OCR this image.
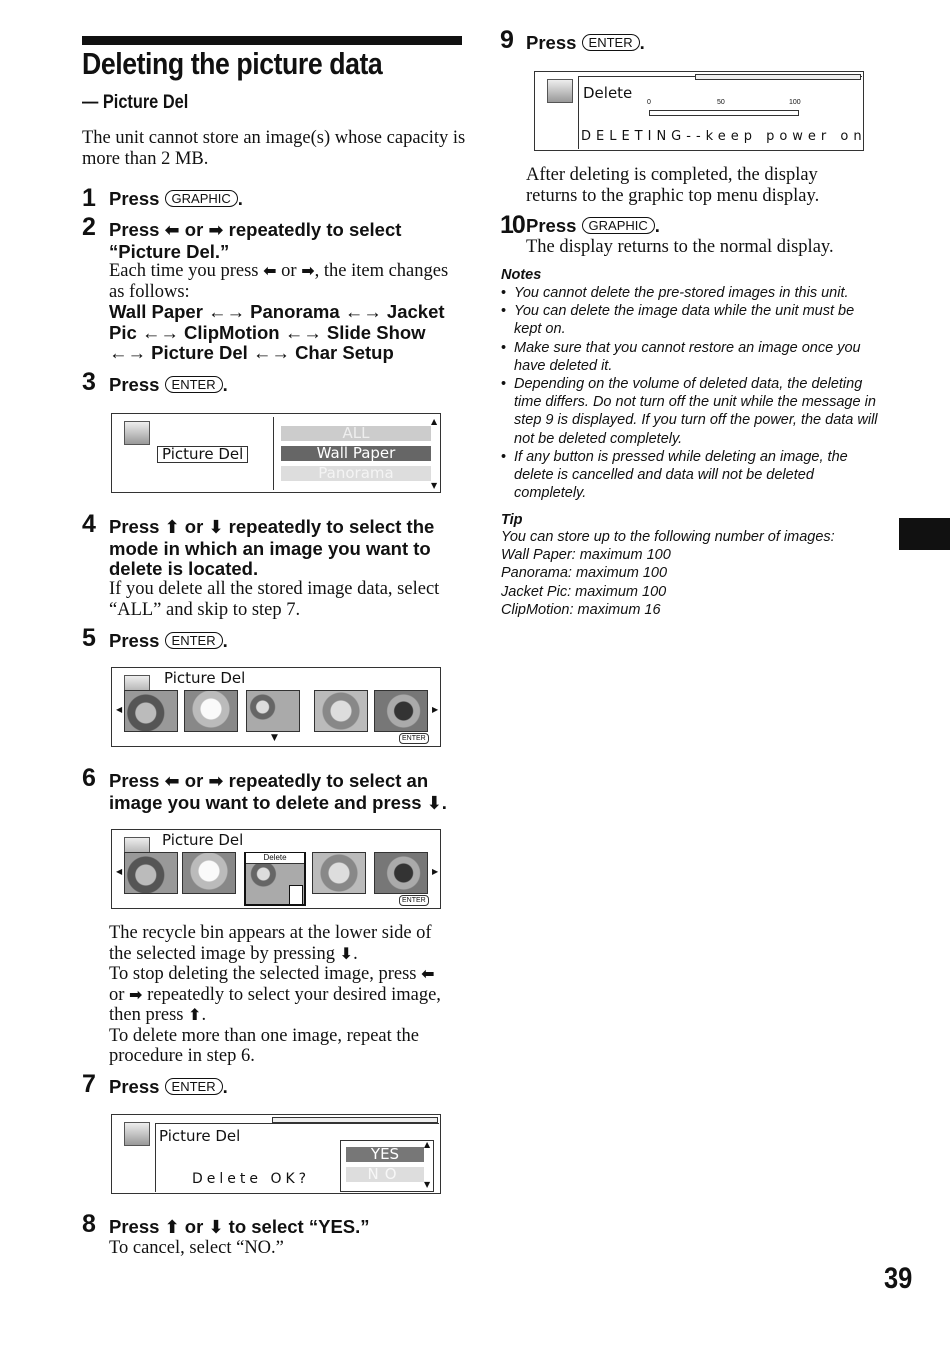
Deleting the picture data
— Picture Del
The unit cannot store an image(s) whose capacity is more than 2 MB.
1 Press GRAPHIC .
2 Press ⬅ or ➡ repeatedly to select “Picture Del.”
Each time you press ⬅ or ➡, the item changes as follows:
Wall Paper ←→ Panorama ←→ Jacket Pic ←→ ClipMotion ←→ Slide Show ←→ Picture Del ←→ Char Setup
3 Press ENTER .
Picture Del
ALL
Wall Paper
Panorama
▲
▼
4 Press ⬆ or ⬇ repeatedly to select the mode in which an image you want to delete is located.
If you delete all the stored image data, select “ALL” and skip to step 7.
5 Press ENTER .
Picture Del
◀	▶
▼	ENTER
6 Press ⬅ or ➡ repeatedly to select an image you want to delete and press ⬇.
Picture Del
◀
Delete
▶
ENTER
The recycle bin appears at the lower side of the selected image by pressing ⬇.
To stop deleting the selected image, press ⬅ or ➡ repeatedly to select your desired image, then press ⬆.
To delete more than one image, repeat the procedure in step 6.
7 Press ENTER .
Picture Del
Delete OK?
YES
NO
▲
▼
8 Press ⬆ or ⬇ to select “YES.”
To cancel, select “NO.”
9 Press ENTER .
Delete
0	50	100
DELETING--keep power on
After deleting is completed, the display returns to the graphic top menu display.
10 Press GRAPHIC .
The display returns to the normal display.
Notes
• You cannot delete the pre-stored images in this unit.
• You can delete the image data while the unit must be kept on.
• Make sure that you cannot restore an image once you have deleted it.
• Depending on the volume of deleted data, the deleting time differs. Do not turn off the unit while the message in step 9 is displayed. If you turn off the power, the data will not be deleted completely.
• If any button is pressed while deleting an image, the delete is cancelled and data will not be deleted completely.
Tip
You can store up to the following number of images:
Wall Paper: maximum 100
Panorama: maximum 100
Jacket Pic: maximum 100
ClipMotion: maximum 16
39
